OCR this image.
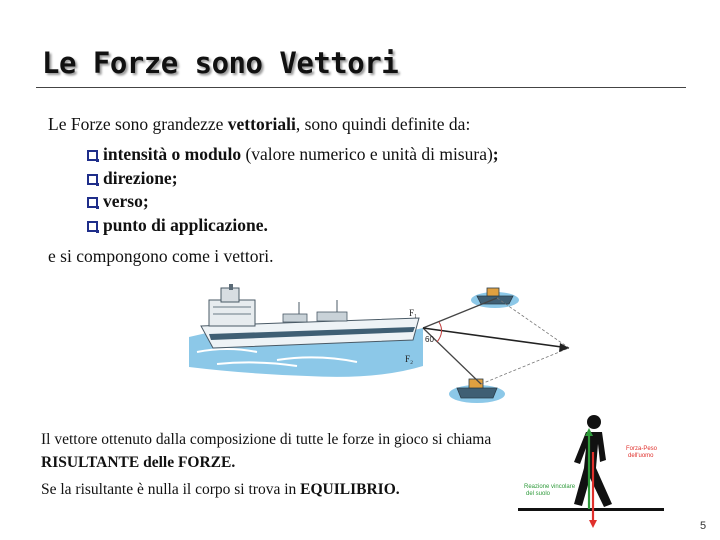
Le Forze sono Vettori

Le Forze sono grandezze vettoriali, sono quindi definite da:

intensità o modulo (valore numerico e unità di misura);
direzione;
verso;
punto di applicazione.

e si compongono come i vettori.

F₁
60
F₂

Il vettore ottenuto dalla composizione di tutte le forze in gioco si chiama RISULTANTE delle FORZE.

Se la risultante è nulla il corpo si trova in EQUILIBRIO.

Forza-Peso
dell'uomo
Reazione vincolare
del suolo
5
